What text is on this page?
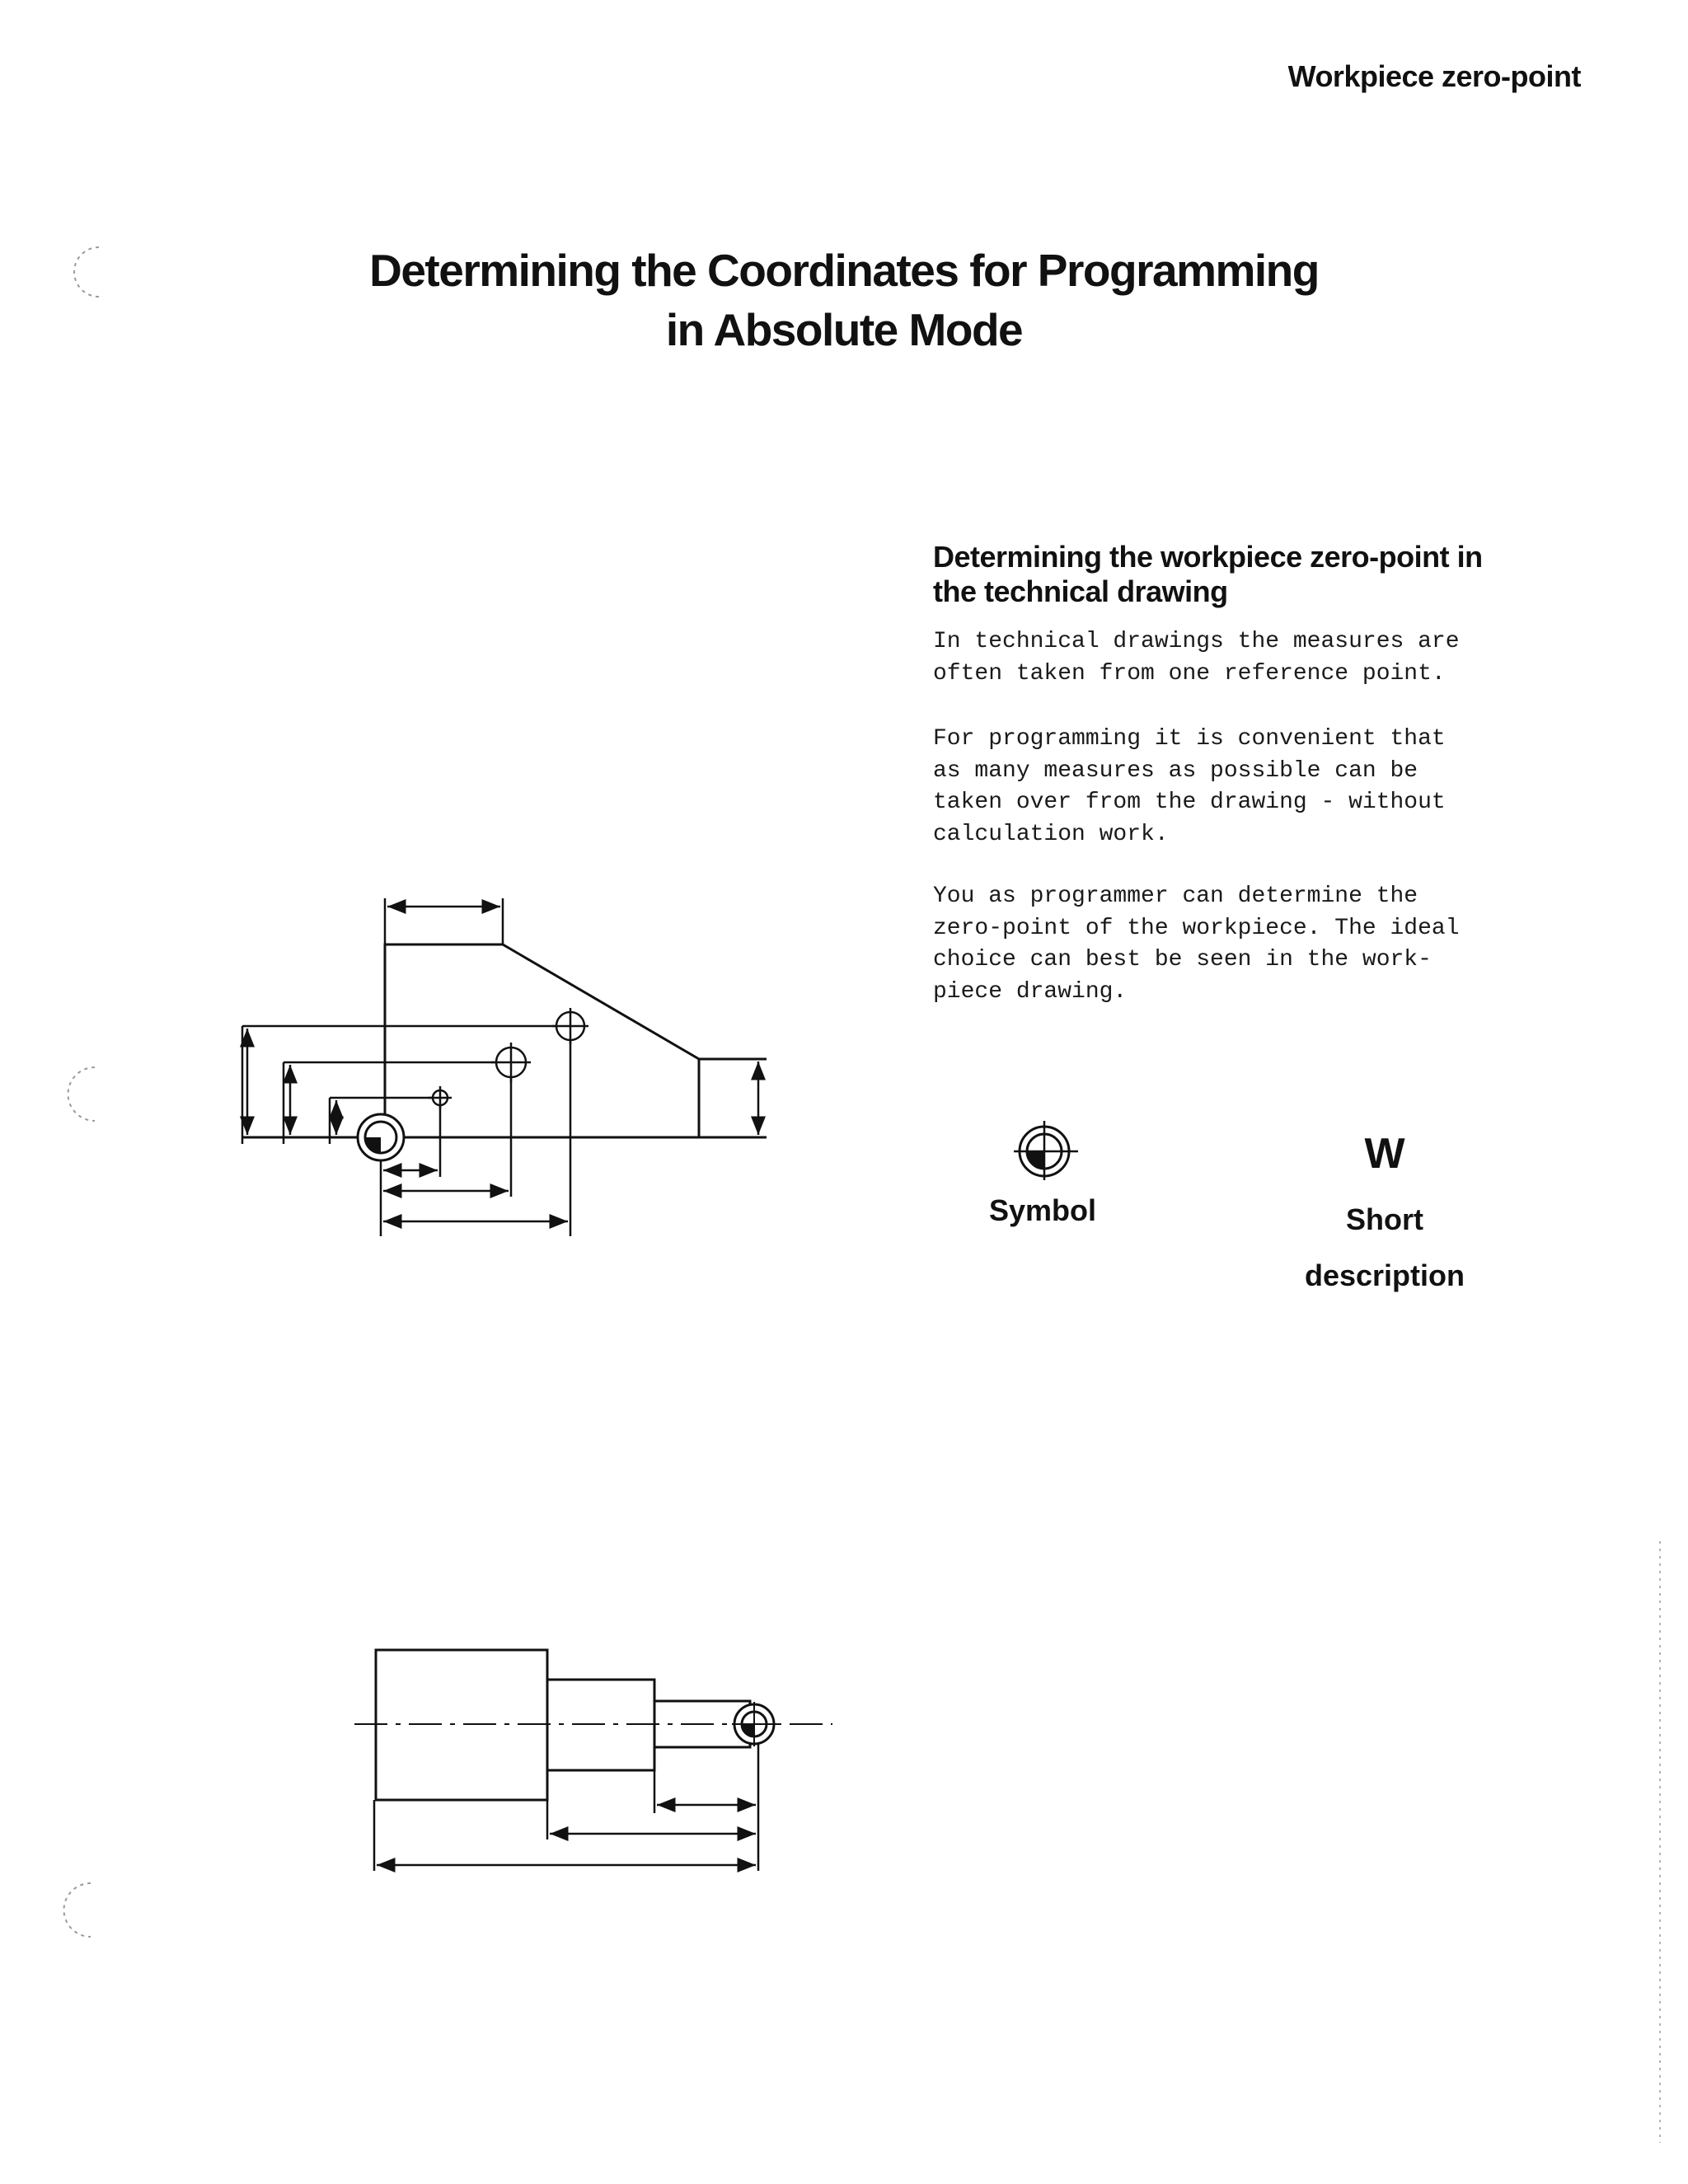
Workpiece zero-point
Determining the Coordinates for Programming
in Absolute Mode
Determining the workpiece zero-point in
the technical drawing

In technical drawings the measures are
often taken from one reference point.

For programming it is convenient that
as many measures as possible can be
taken over from the drawing - without
calculation work.

You as programmer can determine the
zero-point of the workpiece. The ideal
choice can best be seen in the work-
piece drawing.

Symbol
W
Short
description
